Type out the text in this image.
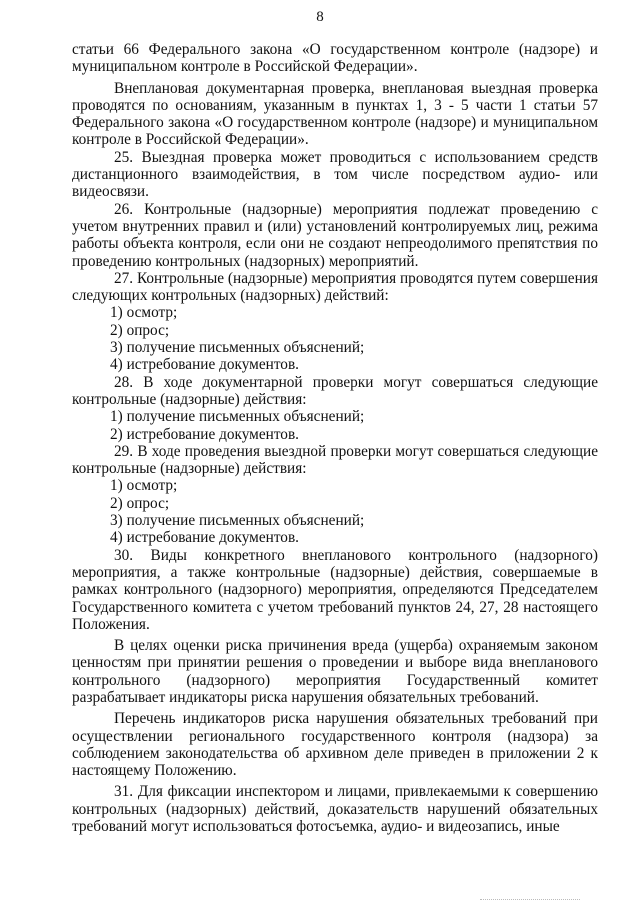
8

статьи 66 Федерального закона «О государственном контроле (надзоре) и муниципальном контроле в Российской Федерации».

Внеплановая документарная проверка, внеплановая выездная проверка проводятся по основаниям, указанным в пунктах 1, 3 - 5 части 1 статьи 57 Федерального закона «О государственном контроле (надзоре) и муниципальном контроле в Российской Федерации».

25. Выездная проверка может проводиться с использованием средств дистанционного взаимодействия, в том числе посредством аудио- или видеосвязи.

26. Контрольные (надзорные) мероприятия подлежат проведению с учетом внутренних правил и (или) установлений контролируемых лиц, режима работы объекта контроля, если они не создают непреодолимого препятствия по проведению контрольных (надзорных) мероприятий.

27. Контрольные (надзорные) мероприятия проводятся путем совершения следующих контрольных (надзорных) действий:

1) осмотр;

2) опрос;

3) получение письменных объяснений;

4) истребование документов.

28. В ходе документарной проверки могут совершаться следующие контрольные (надзорные) действия:

1) получение письменных объяснений;

2) истребование документов.

29. В ходе проведения выездной проверки могут совершаться следующие контрольные (надзорные) действия:

1) осмотр;

2) опрос;

3) получение письменных объяснений;

4) истребование документов.

30. Виды конкретного внепланового контрольного (надзорного) мероприятия, а также контрольные (надзорные) действия, совершаемые в рамках контрольного (надзорного) мероприятия, определяются Председателем Государственного комитета с учетом требований пунктов 24, 27, 28 настоящего Положения.

В целях оценки риска причинения вреда (ущерба) охраняемым законом ценностям при принятии решения о проведении и выборе вида внепланового контрольного (надзорного) мероприятия Государственный комитет разрабатывает индикаторы риска нарушения обязательных требований.

Перечень индикаторов риска нарушения обязательных требований при осуществлении регионального государственного контроля (надзора) за соблюдением законодательства об архивном деле приведен в приложении 2 к настоящему Положению.

31. Для фиксации инспектором и лицами, привлекаемыми к совершению контрольных (надзорных) действий, доказательств нарушений обязательных требований могут использоваться фотосъемка, аудио- и видеозапись, иные
